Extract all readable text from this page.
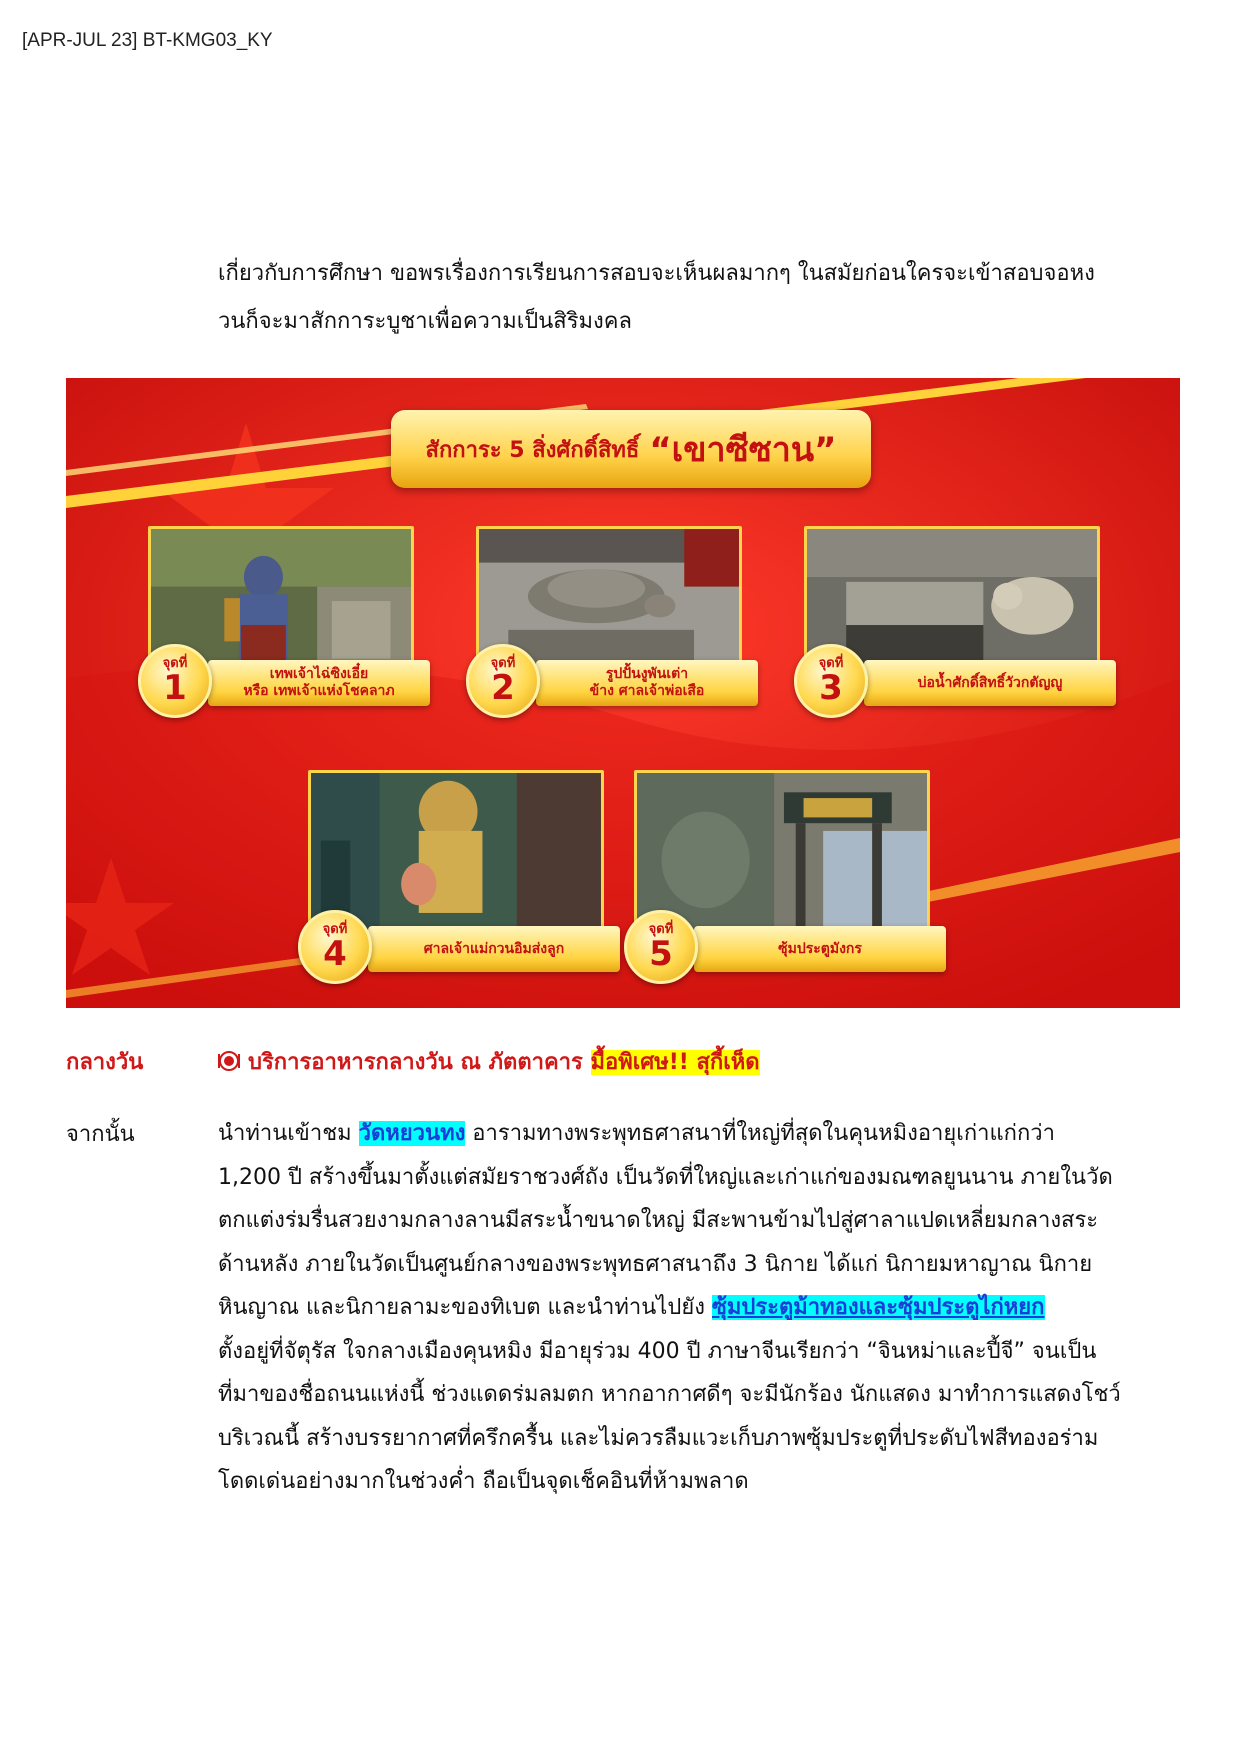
[APR-JUL 23] BT-KMG03_KY
เกี่ยวกับการศึกษา ขอพรเรื่องการเรียนการสอบจะเห็นผลมากๆ ในสมัยก่อนใครจะเข้าสอบจอหง
วนก็จะมาสักการะบูชาเพื่อความเป็นสิริมงคล
สักการะ 5 สิ่งศักดิ์สิทธิ์ “เขาซีซาน”
เทพเจ้าไฉ่ซิงเอี๋ย
หรือ เทพเจ้าแห่งโชคลาภ
จุดที่
1	รูปปั้นงูพันเต่า
ข้าง ศาลเจ้าพ่อเสือ
จุดที่
2	บ่อน้ำศักดิ์สิทธิ์วัวกตัญญู
จุดที่
3
ศาลเจ้าแม่กวนอิมส่งลูก
จุดที่
4	ซุ้มประตูมังกร
จุดที่
5
กลางวัน	บริการอาหารกลางวัน ณ ภัตตาคาร มื้อพิเศษ!! สุกี้เห็ด
จากนั้น	นำท่านเข้าชม วัดหยวนทง อารามทางพระพุทธศาสนาที่ใหญ่ที่สุดในคุนหมิงอายุเก่าแก่กว่า
1,200 ปี สร้างขึ้นมาตั้งแต่สมัยราชวงศ์ถัง เป็นวัดที่ใหญ่และเก่าแก่ของมณฑลยูนนาน ภายในวัด
ตกแต่งร่มรื่นสวยงามกลางลานมีสระน้ำขนาดใหญ่ มีสะพานข้ามไปสู่ศาลาแปดเหลี่ยมกลางสระ
ด้านหลัง ภายในวัดเป็นศูนย์กลางของพระพุทธศาสนาถึง 3 นิกาย ได้แก่ นิกายมหาญาณ นิกาย
หินญาณ และนิกายลามะของทิเบต และนำท่านไปยัง ซุ้มประตูม้าทองและซุ้มประตูไก่หยก
ตั้งอยู่ที่จัตุรัส ใจกลางเมืองคุนหมิง มีอายุร่วม 400 ปี ภาษาจีนเรียกว่า “จินหม่าและปี้จี” จนเป็น
ที่มาของชื่อถนนแห่งนี้ ช่วงแดดร่มลมตก หากอากาศดีๆ จะมีนักร้อง นักแสดง มาทำการแสดงโชว์
บริเวณนี้ สร้างบรรยากาศที่ครึกครื้น และไม่ควรลืมแวะเก็บภาพซุ้มประตูที่ประดับไฟสีทองอร่าม
โดดเด่นอย่างมากในช่วงค่ำ ถือเป็นจุดเช็คอินที่ห้ามพลาด
